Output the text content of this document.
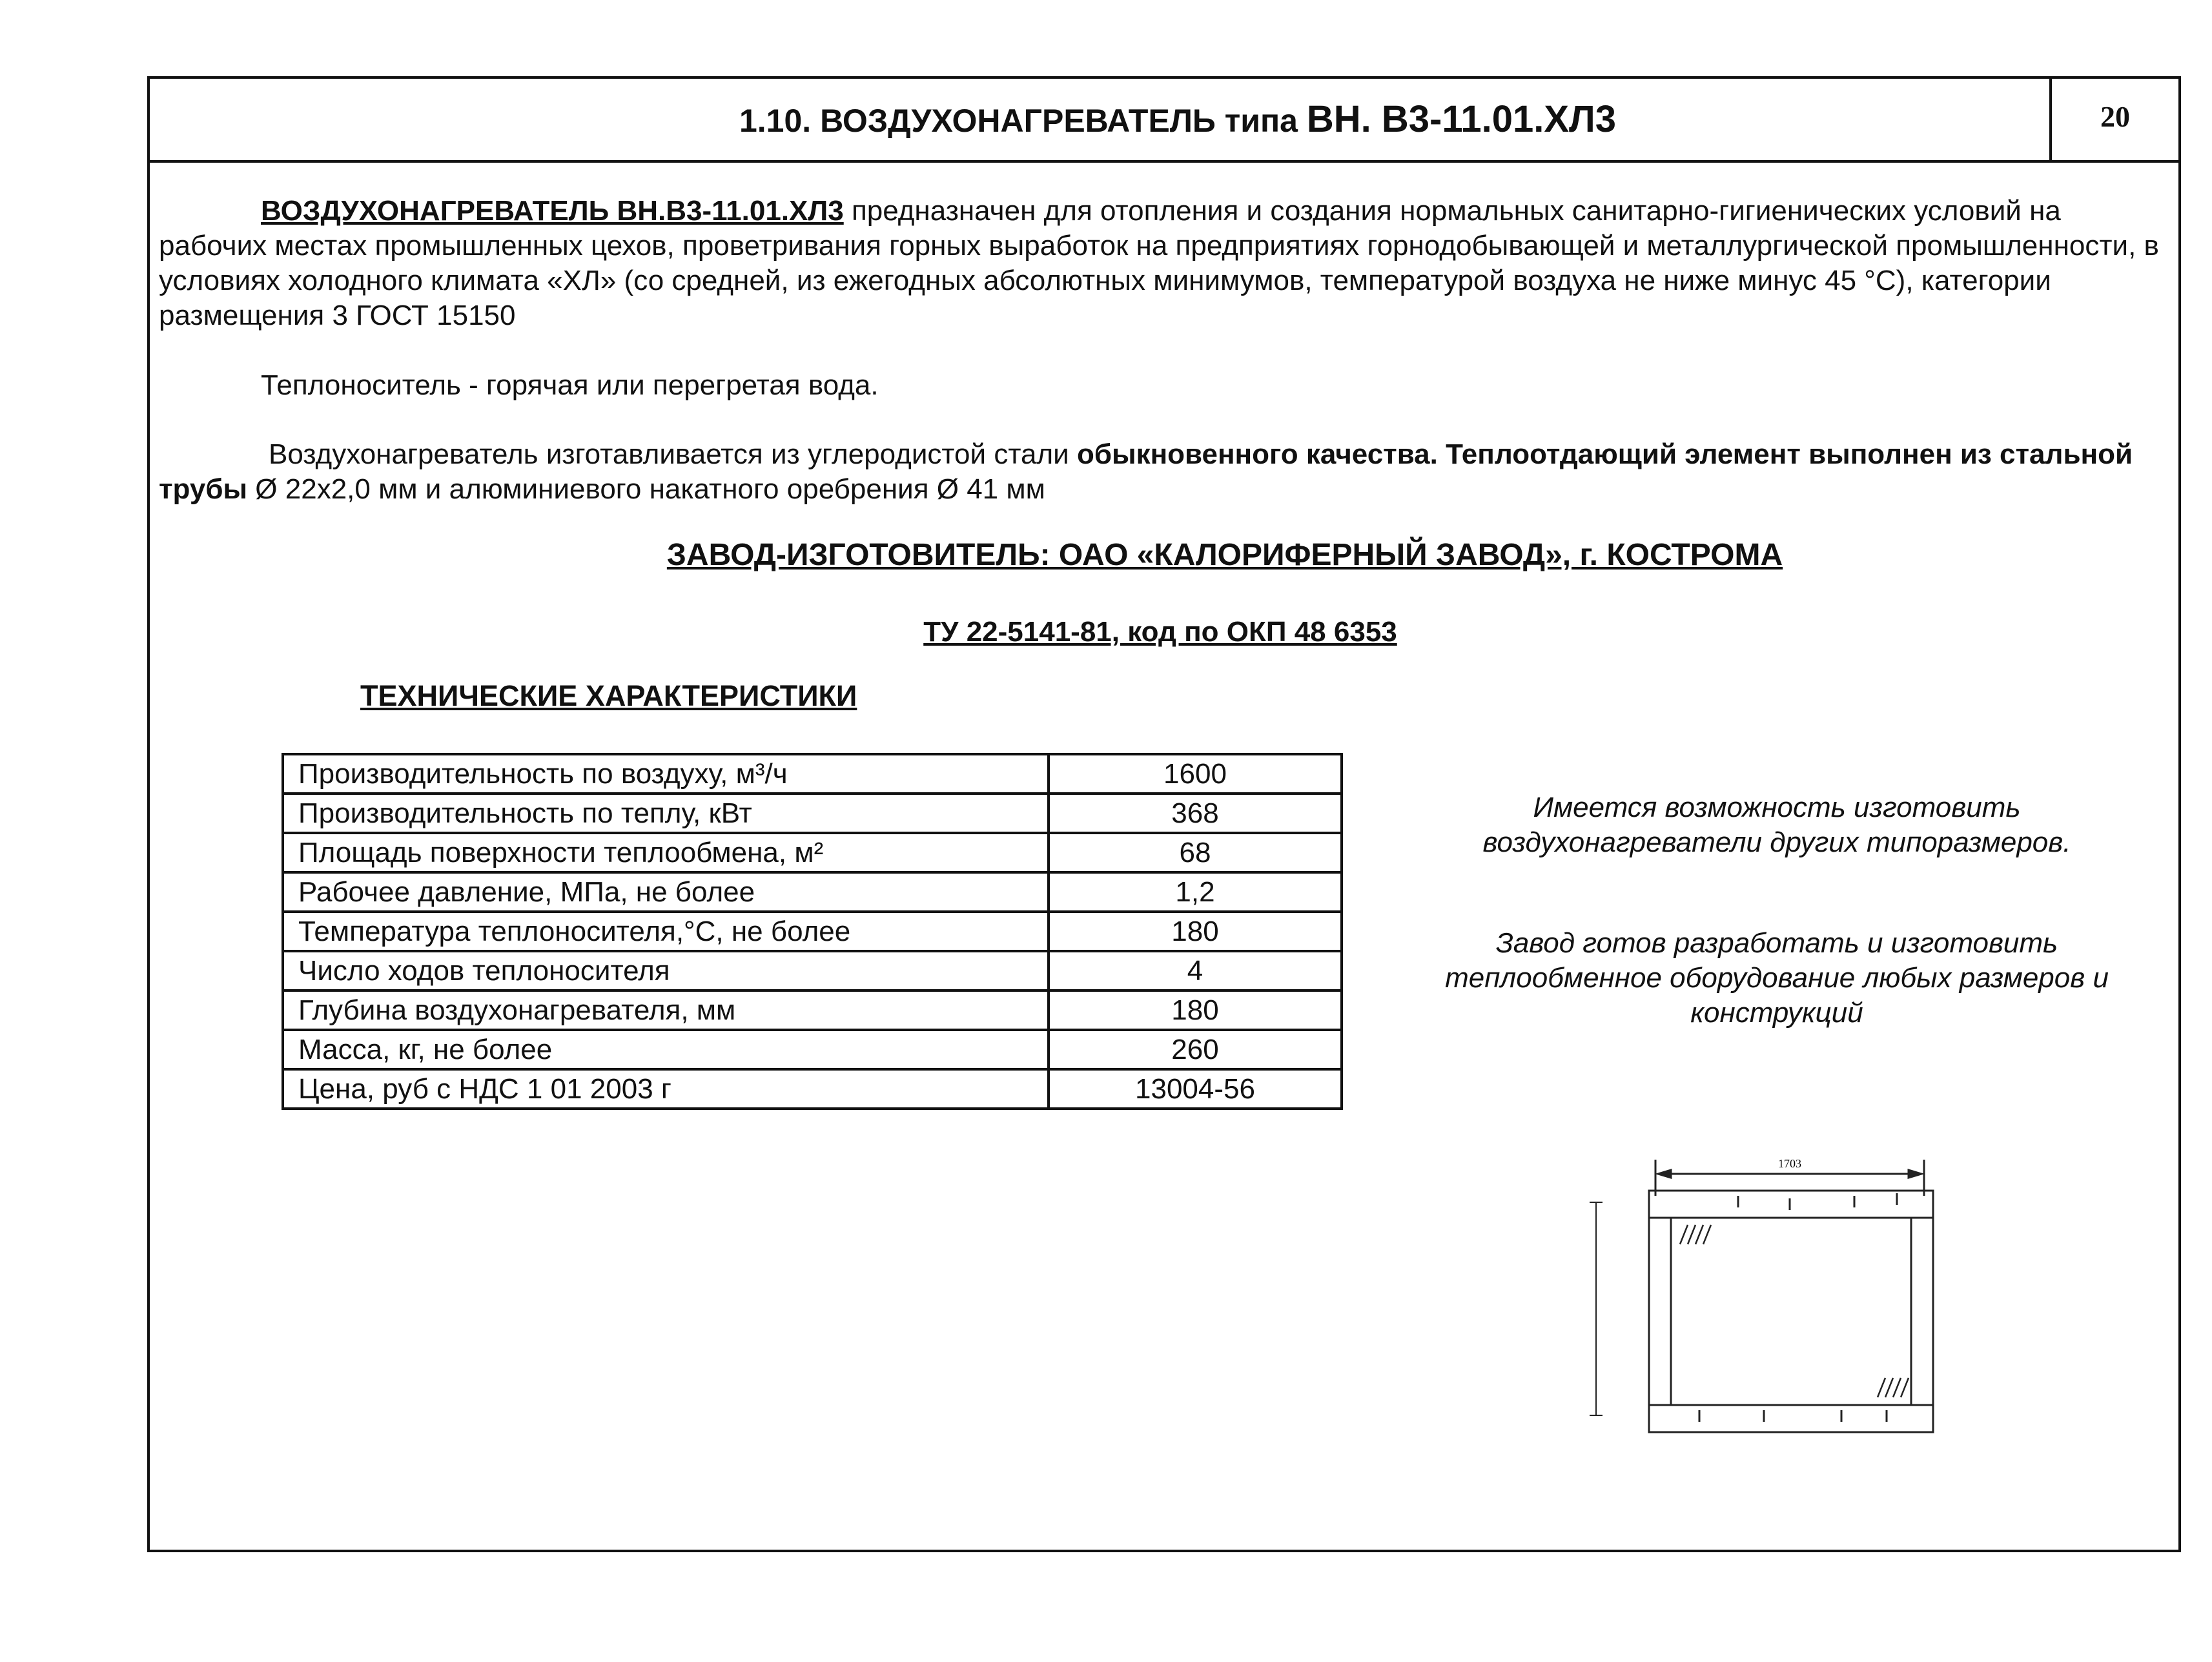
1.10. ВОЗДУХОНАГРЕВАТЕЛЬ типа ВН. В3-11.01.ХЛ3	20

ВОЗДУХОНАГРЕВАТЕЛЬ ВН.В3-11.01.ХЛ3 предназначен для отопления и создания нормальных санитарно-гигиенических условий на рабочих местах промышленных цехов, проветривания горных выработок на предприятиях горнодобывающей и металлургической промышленности, в условиях холодного климата «ХЛ» (со средней, из ежегодных абсолютных минимумов, температурой воздуха не ниже минус 45 °С), категории размещения 3 ГОСТ 15150

Теплоноситель - горячая или перегретая вода.

Воздухонагреватель изготавливается из углеродистой стали обыкновенного качества. Теплоотдающий элемент выполнен из стальной трубы Ø 22x2,0 мм и алюминиевого накатного оребрения Ø 41 мм

ЗАВОД-ИЗГОТОВИТЕЛЬ: ОАО «КАЛОРИФЕРНЫЙ ЗАВОД», г. КОСТРОМА
ТУ 22-5141-81, код по ОКП 48 6353
ТЕХНИЧЕСКИЕ ХАРАКТЕРИСТИКИ
Производительность по воздуху, м³/ч	1600
Производительность по теплу, кВт	368
Площадь поверхности теплообмена, м²	68
Рабочее давление, МПа, не более	1,2
Температура теплоносителя,°С, не более	180
Число ходов теплоносителя	4
Глубина воздухонагревателя, мм	180
Масса, кг, не более	260
Цена, руб с НДС 1 01 2003 г	13004-56
Имеется возможность изготовить воздухонагреватели других типоразмеров.
Завод готов разработать и изготовить теплообменное оборудование любых размеров и конструкций
1703
